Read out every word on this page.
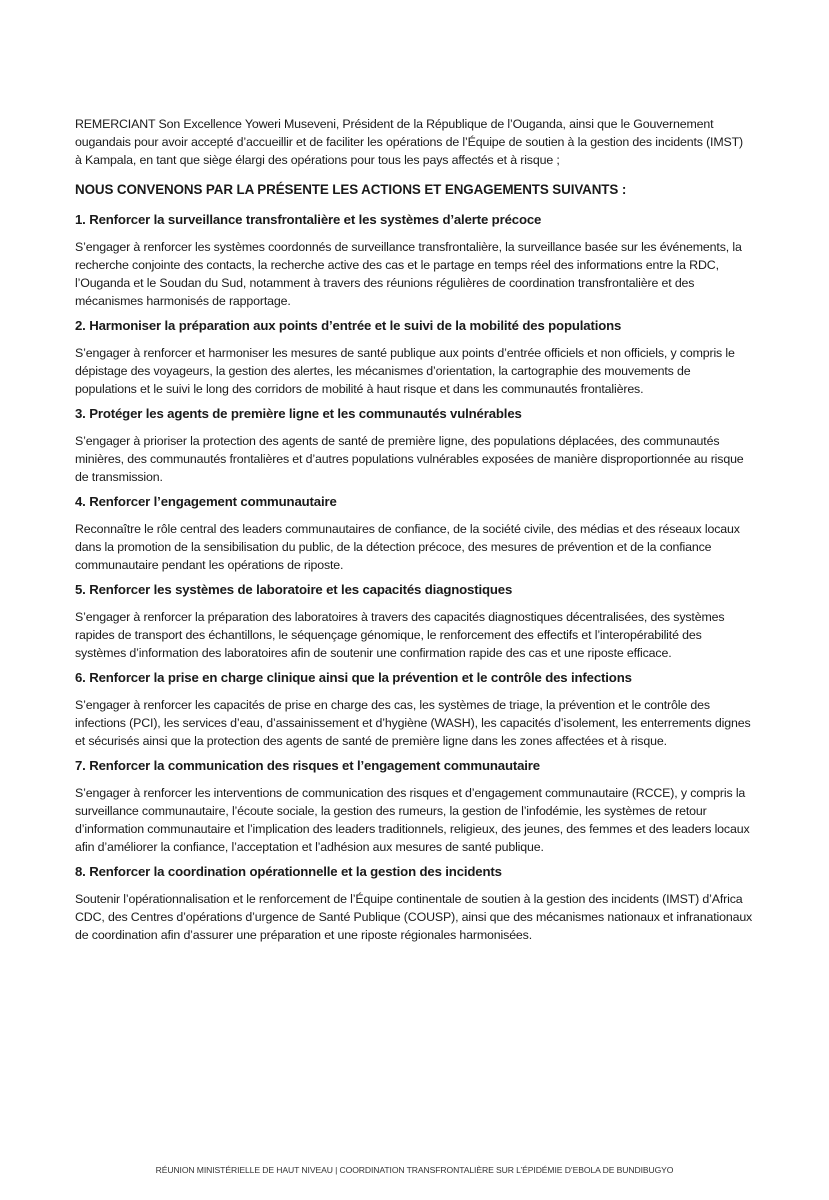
REMERCIANT Son Excellence Yoweri Museveni, Président de la République de l’Ouganda, ainsi que le Gouvernement ougandais pour avoir accepté d’accueillir et de faciliter les opérations de l’Équipe de soutien à la gestion des incidents (IMST) à Kampala, en tant que siège élargi des opérations pour tous les pays affectés et à risque ;

NOUS CONVENONS PAR LA PRÉSENTE LES ACTIONS ET ENGAGEMENTS SUIVANTS :

1. Renforcer la surveillance transfrontalière et les systèmes d’alerte précoce

S’engager à renforcer les systèmes coordonnés de surveillance transfrontalière, la surveillance basée sur les événements, la recherche conjointe des contacts, la recherche active des cas et le partage en temps réel des informations entre la RDC, l’Ouganda et le Soudan du Sud, notamment à travers des réunions régulières de coordination transfrontalière et des mécanismes harmonisés de rapportage.

2. Harmoniser la préparation aux points d’entrée et le suivi de la mobilité des populations

S’engager à renforcer et harmoniser les mesures de santé publique aux points d’entrée officiels et non officiels, y compris le dépistage des voyageurs, la gestion des alertes, les mécanismes d’orientation, la cartographie des mouvements de populations et le suivi le long des corridors de mobilité à haut risque et dans les communautés frontalières.

3. Protéger les agents de première ligne et les communautés vulnérables

S’engager à prioriser la protection des agents de santé de première ligne, des populations déplacées, des communautés minières, des communautés frontalières et d’autres populations vulnérables exposées de manière disproportionnée au risque de transmission.

4. Renforcer l’engagement communautaire

Reconnaître le rôle central des leaders communautaires de confiance, de la société civile, des médias et des réseaux locaux dans la promotion de la sensibilisation du public, de la détection précoce, des mesures de prévention et de la confiance communautaire pendant les opérations de riposte.

5. Renforcer les systèmes de laboratoire et les capacités diagnostiques

S’engager à renforcer la préparation des laboratoires à travers des capacités diagnostiques décentralisées, des systèmes rapides de transport des échantillons, le séquençage génomique, le renforcement des effectifs et l’interopérabilité des systèmes d’information des laboratoires afin de soutenir une confirmation rapide des cas et une riposte efficace.

6. Renforcer la prise en charge clinique ainsi que la prévention et le contrôle des infections

S’engager à renforcer les capacités de prise en charge des cas, les systèmes de triage, la prévention et le contrôle des infections (PCI), les services d’eau, d’assainissement et d’hygiène (WASH), les capacités d’isolement, les enterrements dignes et sécurisés ainsi que la protection des agents de santé de première ligne dans les zones affectées et à risque.

7. Renforcer la communication des risques et l’engagement communautaire

S’engager à renforcer les interventions de communication des risques et d’engagement communautaire (RCCE), y compris la surveillance communautaire, l’écoute sociale, la gestion des rumeurs, la gestion de l’infodémie, les systèmes de retour d’information communautaire et l’implication des leaders traditionnels, religieux, des jeunes, des femmes et des leaders locaux afin d’améliorer la confiance, l’acceptation et l’adhésion aux mesures de santé publique.

8. Renforcer la coordination opérationnelle et la gestion des incidents

Soutenir l’opérationnalisation et le renforcement de l’Équipe continentale de soutien à la gestion des incidents (IMST) d’Africa CDC, des Centres d’opérations d’urgence de Santé Publique (COUSP), ainsi que des mécanismes nationaux et infranationaux de coordination afin d’assurer une préparation et une riposte régionales harmonisées.

RÉUNION MINISTÉRIELLE DE HAUT NIVEAU | COORDINATION TRANSFRONTALIÈRE SUR L’ÉPIDÉMIE D’EBOLA DE BUNDIBUGYO
